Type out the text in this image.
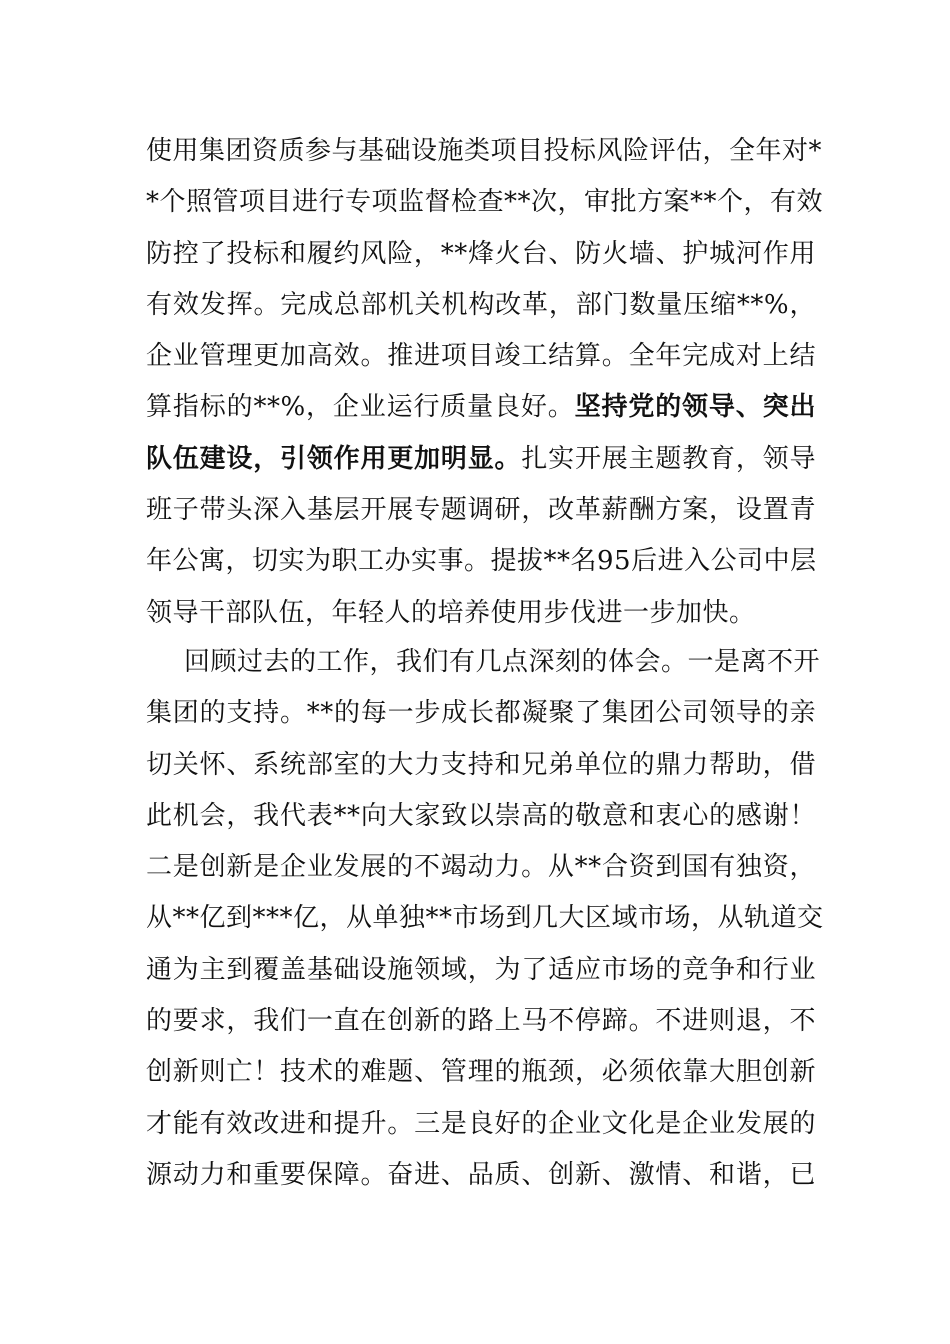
使用集团资质参与基础设施类项目投标风险评估，全年对*
*个照管项目进行专项监督检查**次，审批方案**个，有效
防控了投标和履约风险，**烽火台、防火墙、护城河作用
有效发挥。完成总部机关机构改革，部门数量压缩**%，
企业管理更加高效。推进项目竣工结算。全年完成对上结
算指标的**%，企业运行质量良好。坚持党的领导、突出
队伍建设，引领作用更加明显。扎实开展主题教育，领导
班子带头深入基层开展专题调研，改革薪酬方案，设置青
年公寓，切实为职工办实事。提拔**名95后进入公司中层
领导干部队伍，年轻人的培养使用步伐进一步加快。
回顾过去的工作，我们有几点深刻的体会。一是离不开
集团的支持。**的每一步成长都凝聚了集团公司领导的亲
切关怀、系统部室的大力支持和兄弟单位的鼎力帮助，借
此机会，我代表**向大家致以崇高的敬意和衷心的感谢！
二是创新是企业发展的不竭动力。从**合资到国有独资，
从**亿到***亿，从单独**市场到几大区域市场，从轨道交
通为主到覆盖基础设施领域，为了适应市场的竞争和行业
的要求，我们一直在创新的路上马不停蹄。不进则退，不
创新则亡！技术的难题、管理的瓶颈，必须依靠大胆创新
才能有效改进和提升。三是良好的企业文化是企业发展的
源动力和重要保障。奋进、品质、创新、激情、和谐，已
